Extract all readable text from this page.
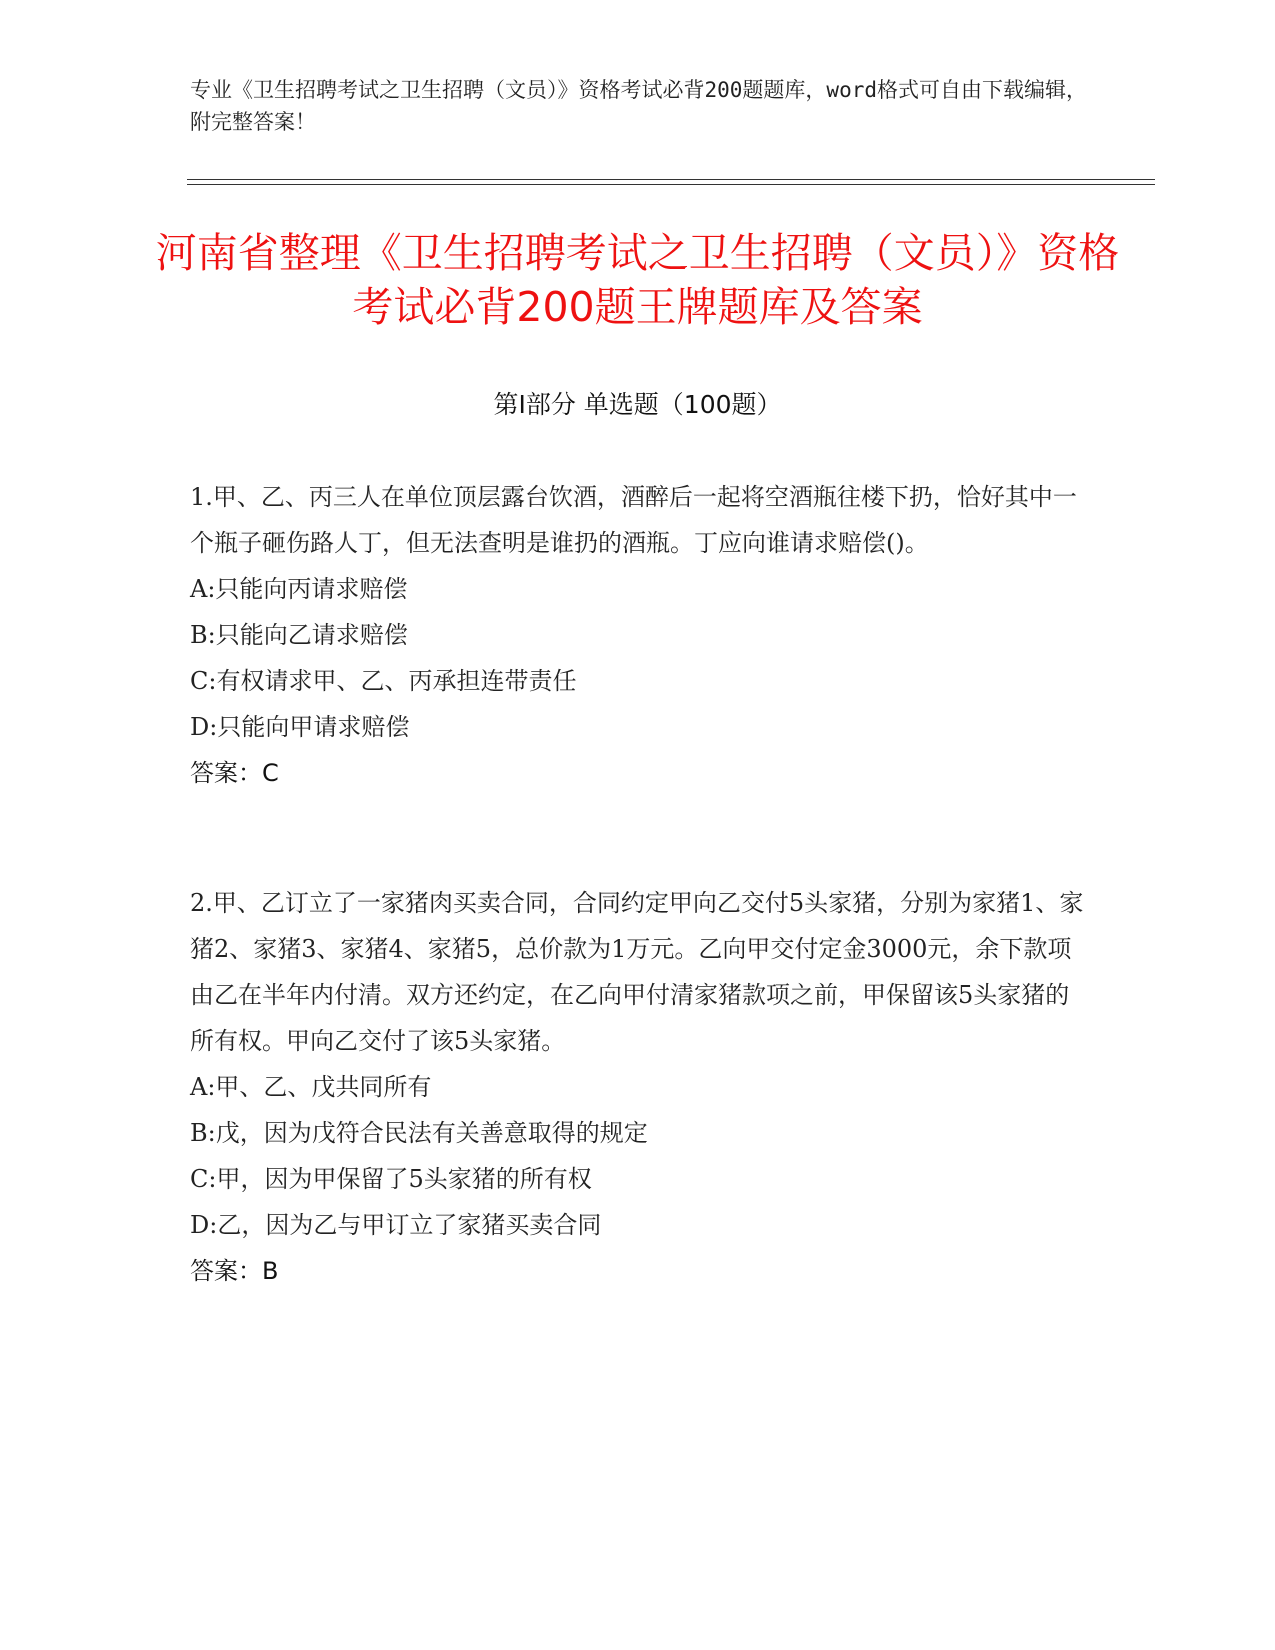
专业《卫生招聘考试之卫生招聘（文员）》资格考试必背200题题库，word格式可自由下载编辑，附完整答案！
河南省整理《卫生招聘考试之卫生招聘（文员）》资格考试必背200题王牌题库及答案
第Ⅰ部分 单选题（100题）
1.甲、乙、丙三人在单位顶层露台饮酒，酒醉后一起将空酒瓶往楼下扔，恰好其中一个瓶子砸伤路人丁，但无法查明是谁扔的酒瓶。丁应向谁请求赔偿()。
A:只能向丙请求赔偿
B:只能向乙请求赔偿
C:有权请求甲、乙、丙承担连带责任
D:只能向甲请求赔偿
答案：C
2.甲、乙订立了一家猪肉买卖合同，合同约定甲向乙交付5头家猪，分别为家猪1、家猪2、家猪3、家猪4、家猪5，总价款为1万元。乙向甲交付定金3000元，余下款项由乙在半年内付清。双方还约定，在乙向甲付清家猪款项之前，甲保留该5头家猪的所有权。甲向乙交付了该5头家猪。
A:甲、乙、戊共同所有
B:戊，因为戊符合民法有关善意取得的规定
C:甲，因为甲保留了5头家猪的所有权
D:乙，因为乙与甲订立了家猪买卖合同
答案：B
